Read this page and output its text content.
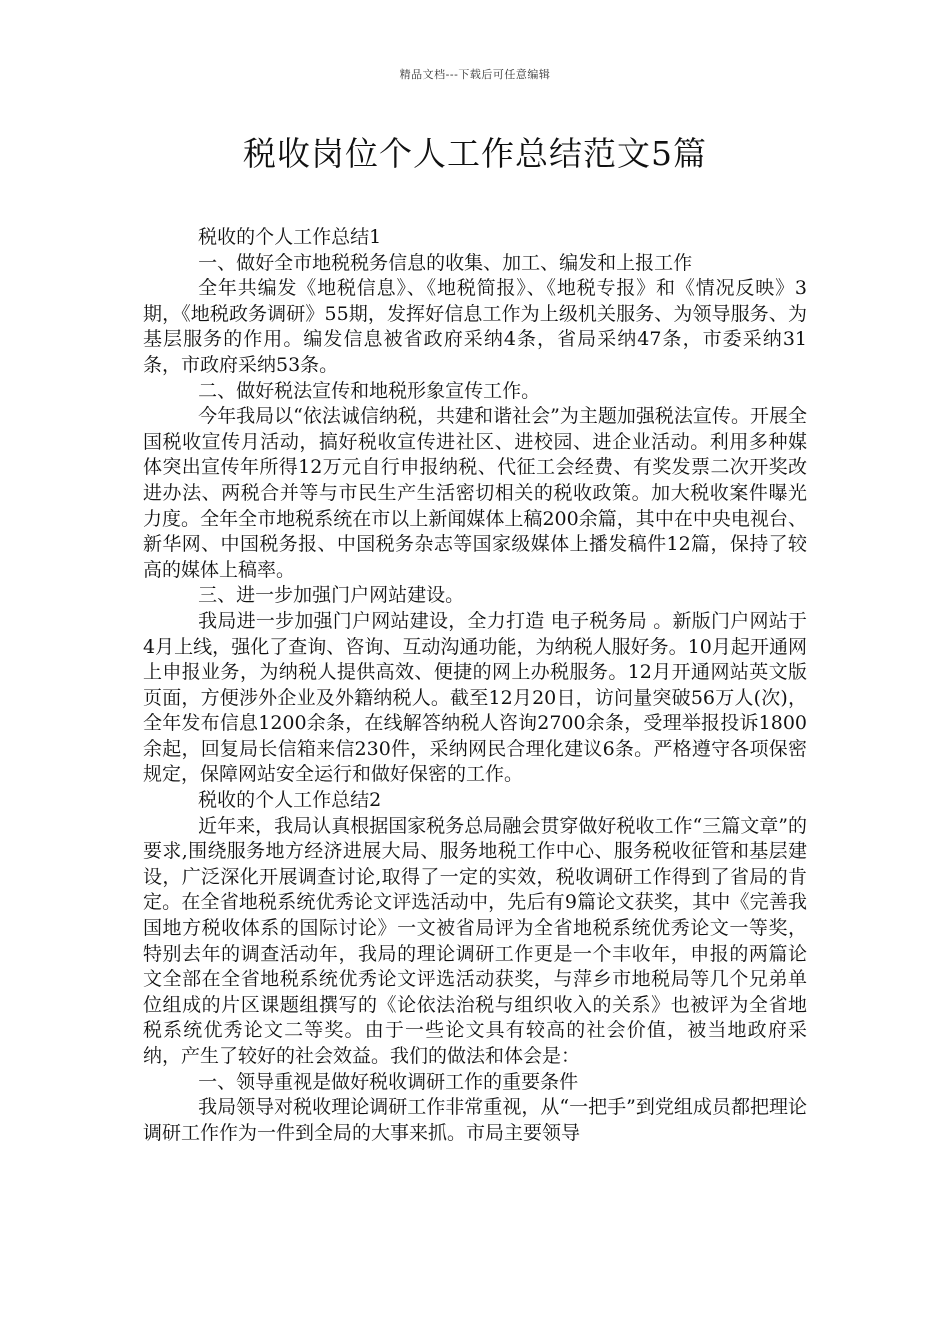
精品文档---下载后可任意编辑
税收岗位个人工作总结范文5篇

税收的个人工作总结1

一、做好全市地税税务信息的收集、加工、编发和上报工作

全年共编发《地税信息》、《地税简报》、《地税专报》和《情况反映》3期，《地税政务调研》55期，发挥好信息工作为上级机关服务、为领导服务、为基层服务的作用。编发信息被省政府采纳4条，省局采纳47条，市委采纳31条，市政府采纳53条。

二、做好税法宣传和地税形象宣传工作。

今年我局以“依法诚信纳税，共建和谐社会”为主题加强税法宣传。开展全国税收宣传月活动，搞好税收宣传进社区、进校园、进企业活动。利用多种媒体突出宣传年所得12万元自行申报纳税、代征工会经费、有奖发票二次开奖改进办法、两税合并等与市民生产生活密切相关的税收政策。加大税收案件曝光力度。全年全市地税系统在市以上新闻媒体上稿200余篇，其中在中央电视台、新华网、中国税务报、中国税务杂志等国家级媒体上播发稿件12篇，保持了较高的媒体上稿率。

三、进一步加强门户网站建设。

我局进一步加强门户网站建设，全力打造 电子税务局 。新版门户网站于4月上线，强化了查询、咨询、互动沟通功能，为纳税人服好务。10月起开通网上申报业务，为纳税人提供高效、便捷的网上办税服务。12月开通网站英文版页面，方便涉外企业及外籍纳税人。截至12月20日，访问量突破56万人(次)，全年发布信息1200余条，在线解答纳税人咨询2700余条，受理举报投诉1800余起，回复局长信箱来信230件，采纳网民合理化建议6条。严格遵守各项保密规定，保障网站安全运行和做好保密的工作。

税收的个人工作总结2

近年来，我局认真根据国家税务总局融会贯穿做好税收工作“三篇文章”的要求,围绕服务地方经济进展大局、服务地税工作中心、服务税收征管和基层建设，广泛深化开展调查讨论,取得了一定的实效，税收调研工作得到了省局的肯定。在全省地税系统优秀论文评选活动中，先后有9篇论文获奖，其中《完善我国地方税收体系的国际讨论》一文被省局评为全省地税系统优秀论文一等奖，特别去年的调查活动年，我局的理论调研工作更是一个丰收年，申报的两篇论文全部在全省地税系统优秀论文评选活动获奖，与萍乡市地税局等几个兄弟单位组成的片区课题组撰写的《论依法治税与组织收入的关系》也被评为全省地税系统优秀论文二等奖。由于一些论文具有较高的社会价值，被当地政府采纳，产生了较好的社会效益。我们的做法和体会是：

一、领导重视是做好税收调研工作的重要条件

我局领导对税收理论调研工作非常重视，从“一把手”到党组成员都把理论调研工作作为一件到全局的大事来抓。市局主要领导
